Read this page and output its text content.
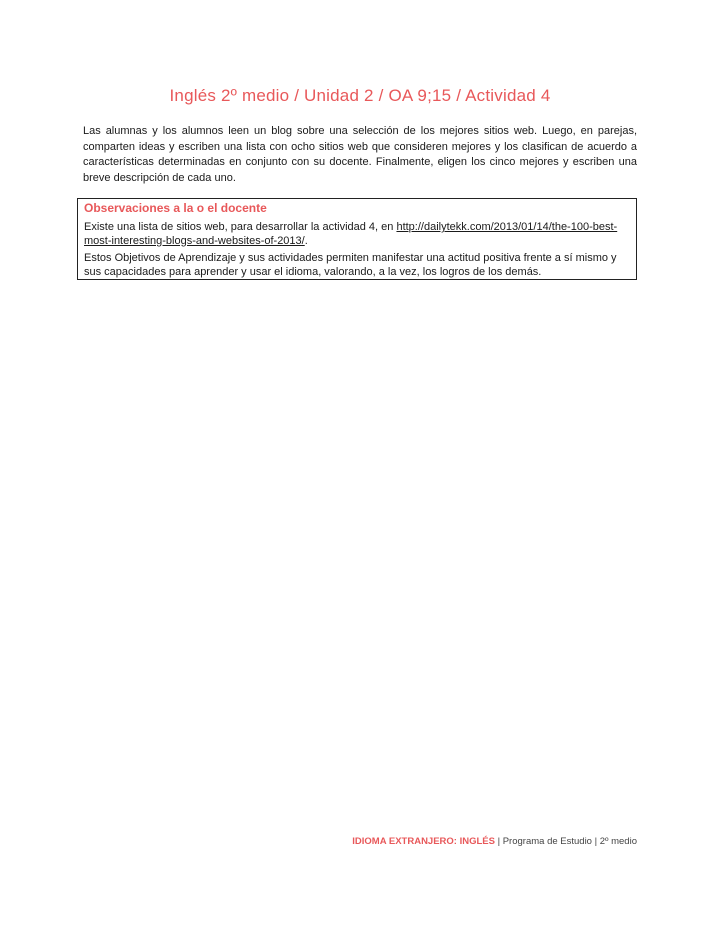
Inglés 2º medio / Unidad 2 / OA 9;15 / Actividad 4

Las alumnas y los alumnos leen un blog sobre una selección de los mejores sitios web. Luego, en parejas, comparten ideas y escriben una lista con ocho sitios web que consideren mejores y los clasifican de acuerdo a características determinadas en conjunto con su docente. Finalmente, eligen los cinco mejores y escriben una breve descripción de cada uno.

Observaciones a la o el docente

Existe una lista de sitios web, para desarrollar la actividad 4, en http://dailytekk.com/2013/01/14/the-100-best-most-interesting-blogs-and-websites-of-2013/.

Estos Objetivos de Aprendizaje y sus actividades permiten manifestar una actitud positiva frente a sí mismo y sus capacidades para aprender y usar el idioma, valorando, a la vez, los logros de los demás.

IDIOMA EXTRANJERO: INGLÉS | Programa de Estudio | 2º medio
